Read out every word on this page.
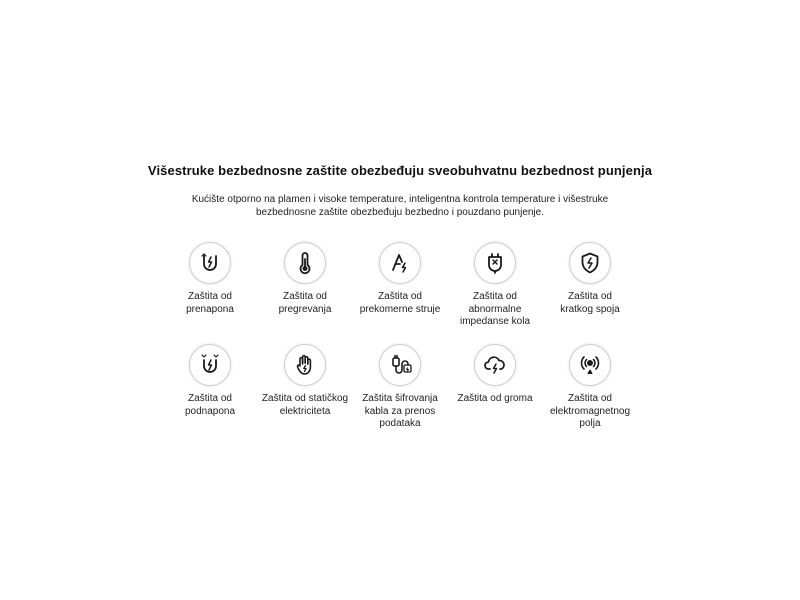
Višestruke bezbednosne zaštite obezbeđuju sveobuhvatnu bezbednost punjenja
Kućište otporno na plamen i visoke temperature, inteligentna kontrola temperature i višestruke
bezbednosne zaštite obezbeđuju bezbedno i pouzdano punjenje.
Zaštita od
prenapona
Zaštita od
pregrevanja
Zaštita od
prekomerne struje
Zaštita od
abnormalne
impedanse kola
Zaštita od
kratkog spoja
Zaštita od
podnapona
Zaštita od statičkog
elektriciteta
Zaštita šifrovanja
kabla za prenos
podataka
Zaštita od groma	Zaštita od
elektromagnetnog
polja
